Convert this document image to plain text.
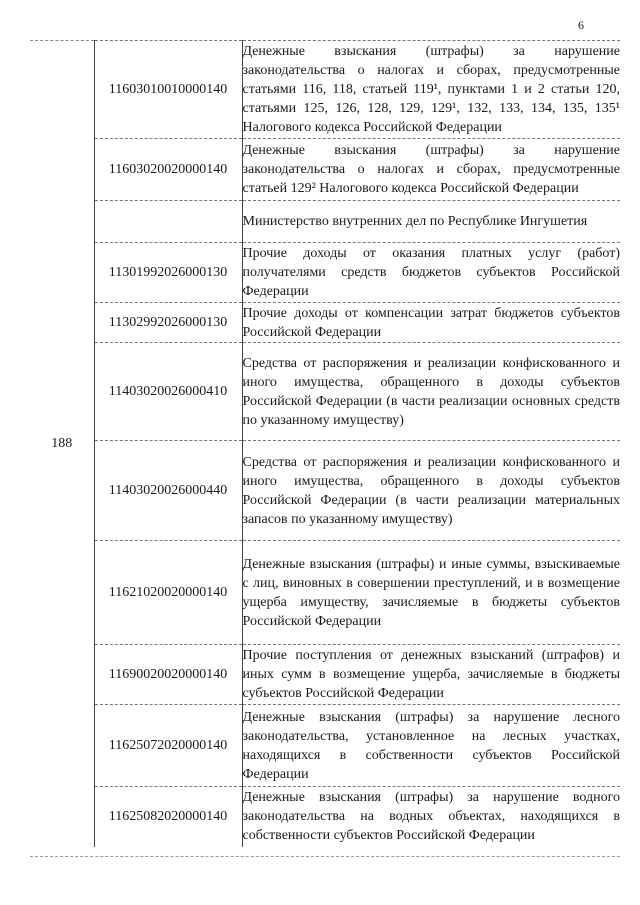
6
188	11603010010000140	Денежные взыскания (штрафы) за нарушение законодательства о налогах и сборах, предусмотренные статьями 116, 118, статьей 119¹, пунктами 1 и 2 статьи 120, статьями 125, 126, 128, 129, 129¹, 132, 133, 134, 135, 135¹ Налогового кодекса Российской Федерации
	11603020020000140	Денежные взыскания (штрафы) за нарушение законодательства о налогах и сборах, предусмотренные статьей 129² Налогового кодекса Российской Федерации
		Министерство внутренних дел по Республике Ингушетия
	11301992026000130	Прочие доходы от оказания платных услуг (работ) получателями средств бюджетов субъектов Российской Федерации
	11302992026000130	Прочие доходы от компенсации затрат бюджетов субъектов Российской Федерации
	11403020026000410	Средства от распоряжения и реализации конфискованного и иного имущества, обращенного в доходы субъектов Российской Федерации (в части реализации основных средств по указанному имуществу)
	11403020026000440	Средства от распоряжения и реализации конфискованного и иного имущества, обращенного в доходы субъектов Российской Федерации (в части реализации материальных запасов по указанному имуществу)
	11621020020000140	Денежные взыскания (штрафы) и иные суммы, взыскиваемые с лиц, виновных в совершении преступлений, и в возмещение ущерба имуществу, зачисляемые в бюджеты субъектов Российской Федерации
	11690020020000140	Прочие поступления от денежных взысканий (штрафов) и иных сумм в возмещение ущерба, зачисляемые в бюджеты субъектов Российской Федерации
	11625072020000140	Денежные взыскания (штрафы) за нарушение лесного законодательства, установленное на лесных участках, находящихся в собственности субъектов Российской Федерации
	11625082020000140	Денежные взыскания (штрафы) за нарушение водного законодательства на водных объектах, находящихся в собственности субъектов Российской Федерации
